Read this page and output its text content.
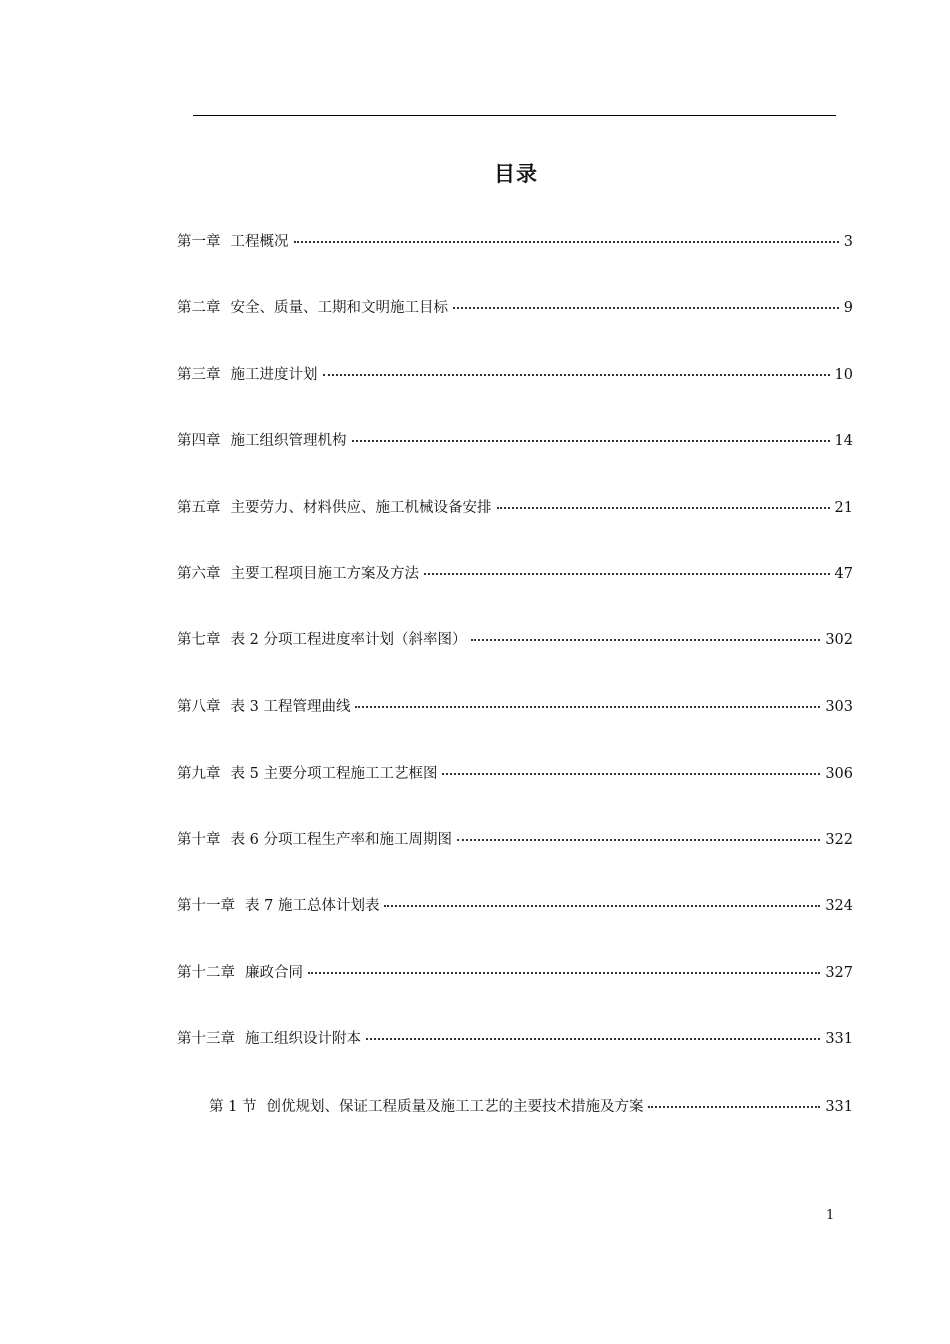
目录
第一章 工程概况	3
第二章 安全、质量、工期和文明施工目标	9
第三章 施工进度计划	10
第四章 施工组织管理机构	14
第五章 主要劳力、材料供应、施工机械设备安排	21
第六章 主要工程项目施工方案及方法	47
第七章 表 2 分项工程进度率计划（斜率图）	302
第八章 表 3 工程管理曲线	303
第九章 表 5 主要分项工程施工工艺框图	306
第十章 表 6 分项工程生产率和施工周期图	322
第十一章 表 7 施工总体计划表	324
第十二章 廉政合同	327
第十三章 施工组织设计附本	331
第 1 节 创优规划、保证工程质量及施工工艺的主要技术措施及方案	331
1
